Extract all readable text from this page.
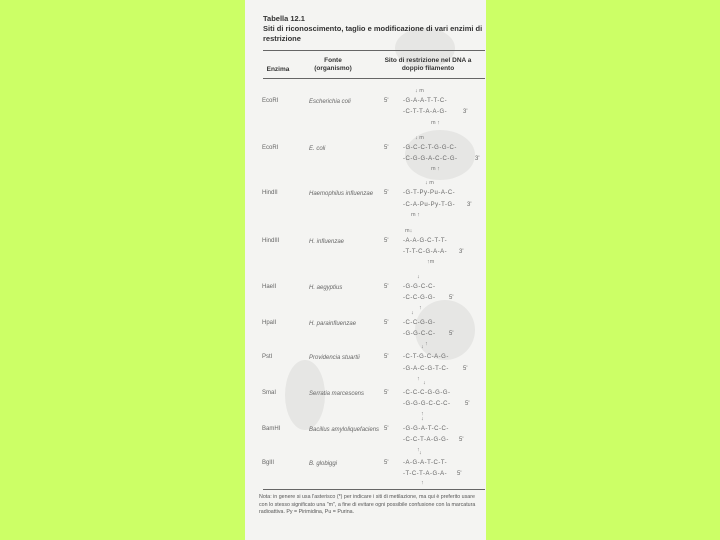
Tabella 12.1
Siti di riconoscimento, taglio e modificazione di vari enzimi di restrizione
Enzima
Fonte (organismo)
Sito di restrizione nel DNA a doppio filamento
↓ m
EcoRI	Escherichia coli	5' -G-A-A-T-T-C-
-C-T-T-A-A-G-	3'
m ↑
↓ m
EcoRI	E. coli	5' -G-C-C-T-G-G-C-
-C-G-G-A-C-C-G-	3'
m ↑
↓ m
HindII	Haemophilus influenzae	5' -G-T-Py-Pu-A-C-
-C-A-Pu-Py-T-G- 3'
m ↑
m↓
HindIII	H. influenzae	5' -A-A-G-C-T-T-
-T-T-C-G-A-A- 3'
↑m
↓
HaeII	H. aegyptius	5' -G-G-C-C-
-C-C-G-G- 5'
↑
↓
HpaII	H. parainfluenzae	5' -C-C-G-G-
-G-G-C-C- 5'
↑
↓
PstI	Providencia stuartii	5' -C-T-G-C-A-G-
-G-A-C-G-T-C- 5'
↑
↓
SmaI	Serratia marcescens	5' -C-C-C-G-G-G-
-G-G-G-C-C-C- 5'
↑
↓
BamHI	Bacillus amyloliquefaciens 5' -G-G-A-T-C-C-
-C-C-T-A-G-G- 5'
↑ ↓
BglII	B. globiggi	5' -A-G-A-T-C-T-
-T-C-T-A-G-A- 5'
↑
Nota: in genere si usa l'asterisco (*) per indicare i siti di metilazione, ma qui è preferito usare con lo stesso significato una "m", a fine di evitare ogni possibile confusione con la marcatura radioattiva. Py = Pirimidina, Pu = Purina.
